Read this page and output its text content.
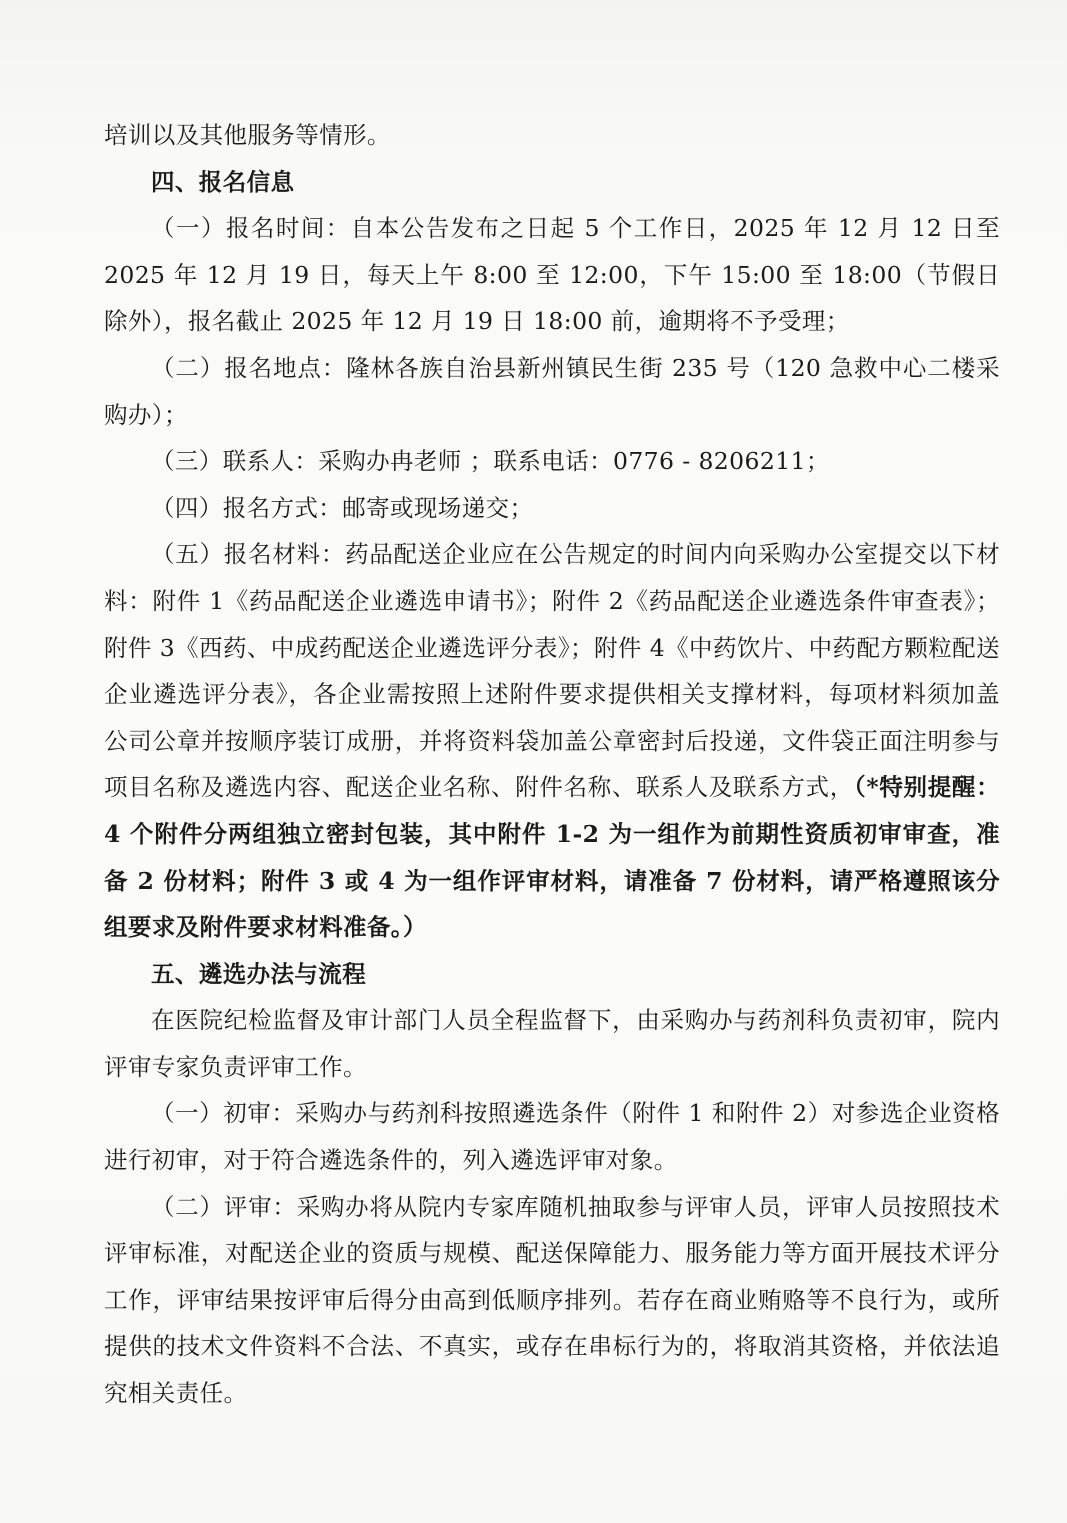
培训以及其他服务等情形。

四、报名信息

（一）报名时间：自本公告发布之日起 5 个工作日，2025 年 12 月 12 日至 2025 年 12 月 19 日，每天上午 8:00 至 12:00，下午 15:00 至 18:00（节假日除外），报名截止 2025 年 12 月 19 日 18:00 前，逾期将不予受理；

（二）报名地点：隆林各族自治县新州镇民生街 235 号（120 急救中心二楼采购办）；

（三）联系人：采购办冉老师 ；联系电话：0776 - 8206211；

（四）报名方式：邮寄或现场递交；

（五）报名材料：药品配送企业应在公告规定的时间内向采购办公室提交以下材料：附件 1《药品配送企业遴选申请书》；附件 2《药品配送企业遴选条件审查表》；附件 3《西药、中成药配送企业遴选评分表》；附件 4《中药饮片、中药配方颗粒配送企业遴选评分表》，各企业需按照上述附件要求提供相关支撑材料，每项材料须加盖公司公章并按顺序装订成册，并将资料袋加盖公章密封后投递，文件袋正面注明参与项目名称及遴选内容、配送企业名称、附件名称、联系人及联系方式，（*特别提醒：4 个附件分两组独立密封包装，其中附件 1-2 为一组作为前期性资质初审审查，准备 2 份材料；附件 3 或 4 为一组作评审材料，请准备 7 份材料，请严格遵照该分组要求及附件要求材料准备。）

五、遴选办法与流程

在医院纪检监督及审计部门人员全程监督下，由采购办与药剂科负责初审，院内评审专家负责评审工作。

（一）初审：采购办与药剂科按照遴选条件（附件 1 和附件 2）对参选企业资格进行初审，对于符合遴选条件的，列入遴选评审对象。

（二）评审：采购办将从院内专家库随机抽取参与评审人员，评审人员按照技术评审标准，对配送企业的资质与规模、配送保障能力、服务能力等方面开展技术评分工作，评审结果按评审后得分由高到低顺序排列。若存在商业贿赂等不良行为，或所提供的技术文件资料不合法、不真实，或存在串标行为的，将取消其资格，并依法追究相关责任。
